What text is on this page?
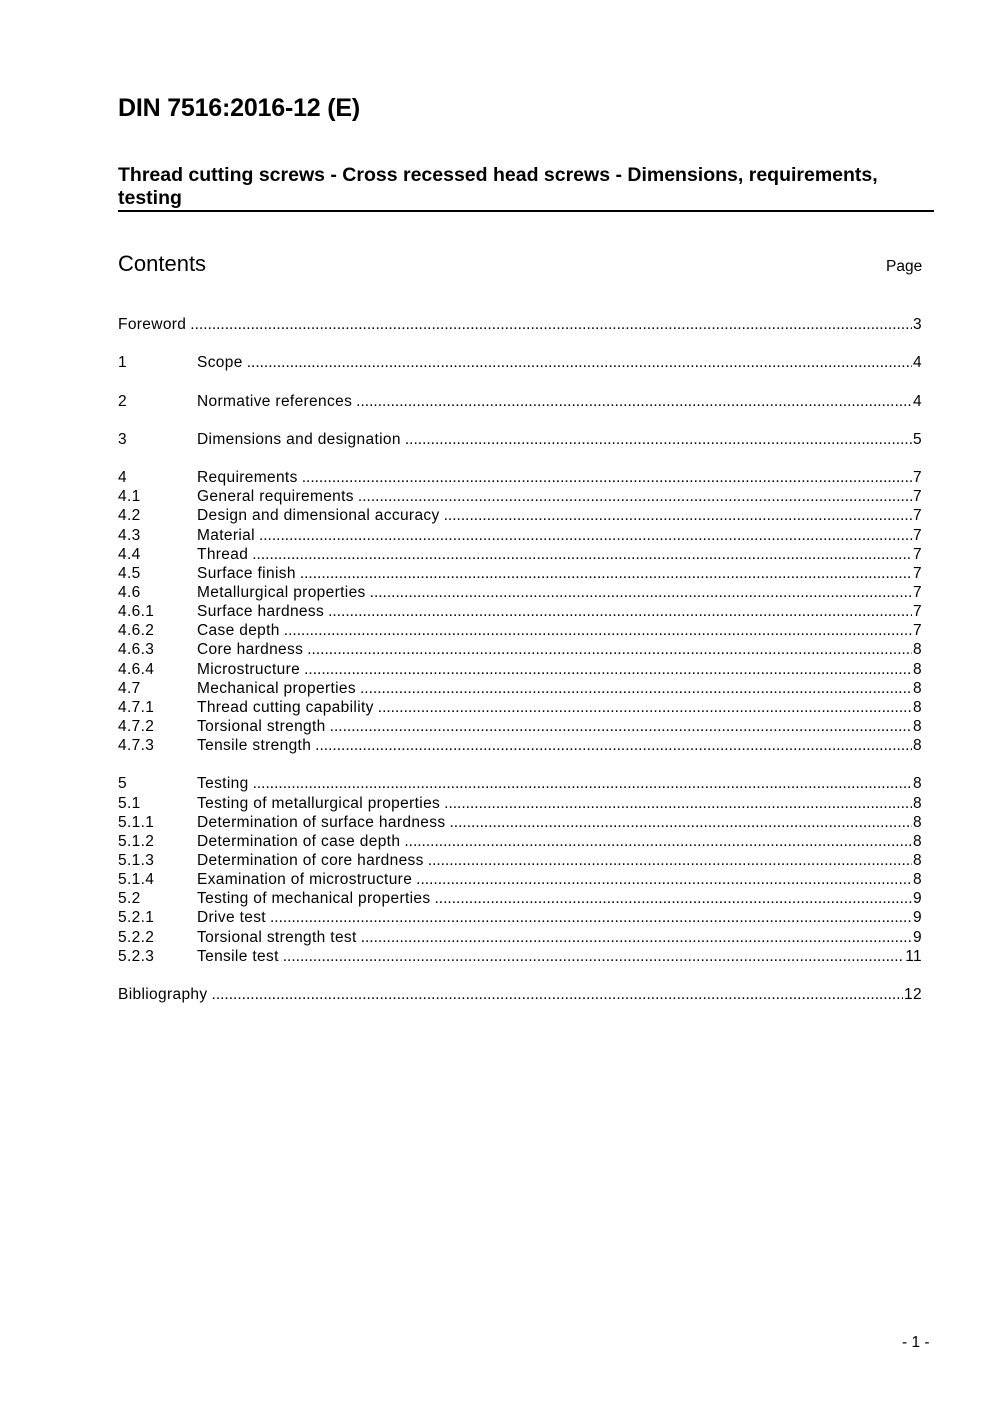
DIN 7516:2016-12 (E)
Thread cutting screws - Cross recessed head screws - Dimensions, requirements, testing
Contents	Page
Foreword .....	3
1	Scope .....	4
2	Normative references .....	4
3	Dimensions and designation .....	5
4	Requirements .....	7
4.1	General requirements .....	7
4.2	Design and dimensional accuracy .....	7
4.3	Material .....	7
4.4	Thread .....	7
4.5	Surface finish .....	7
4.6	Metallurgical properties .....	7
4.6.1	Surface hardness .....	7
4.6.2	Case depth .....	7
4.6.3	Core hardness .....	8
4.6.4	Microstructure .....	8
4.7	Mechanical properties .....	8
4.7.1	Thread cutting capability .....	8
4.7.2	Torsional strength .....	8
4.7.3	Tensile strength .....	8
5	Testing .....	8
5.1	Testing of metallurgical properties .....	8
5.1.1	Determination of surface hardness .....	8
5.1.2	Determination of case depth .....	8
5.1.3	Determination of core hardness .....	8
5.1.4	Examination of microstructure .....	8
5.2	Testing of mechanical properties .....	9
5.2.1	Drive test .....	9
5.2.2	Torsional strength test .....	9
5.2.3	Tensile test .....	11
Bibliography .....	12
- 1 -
